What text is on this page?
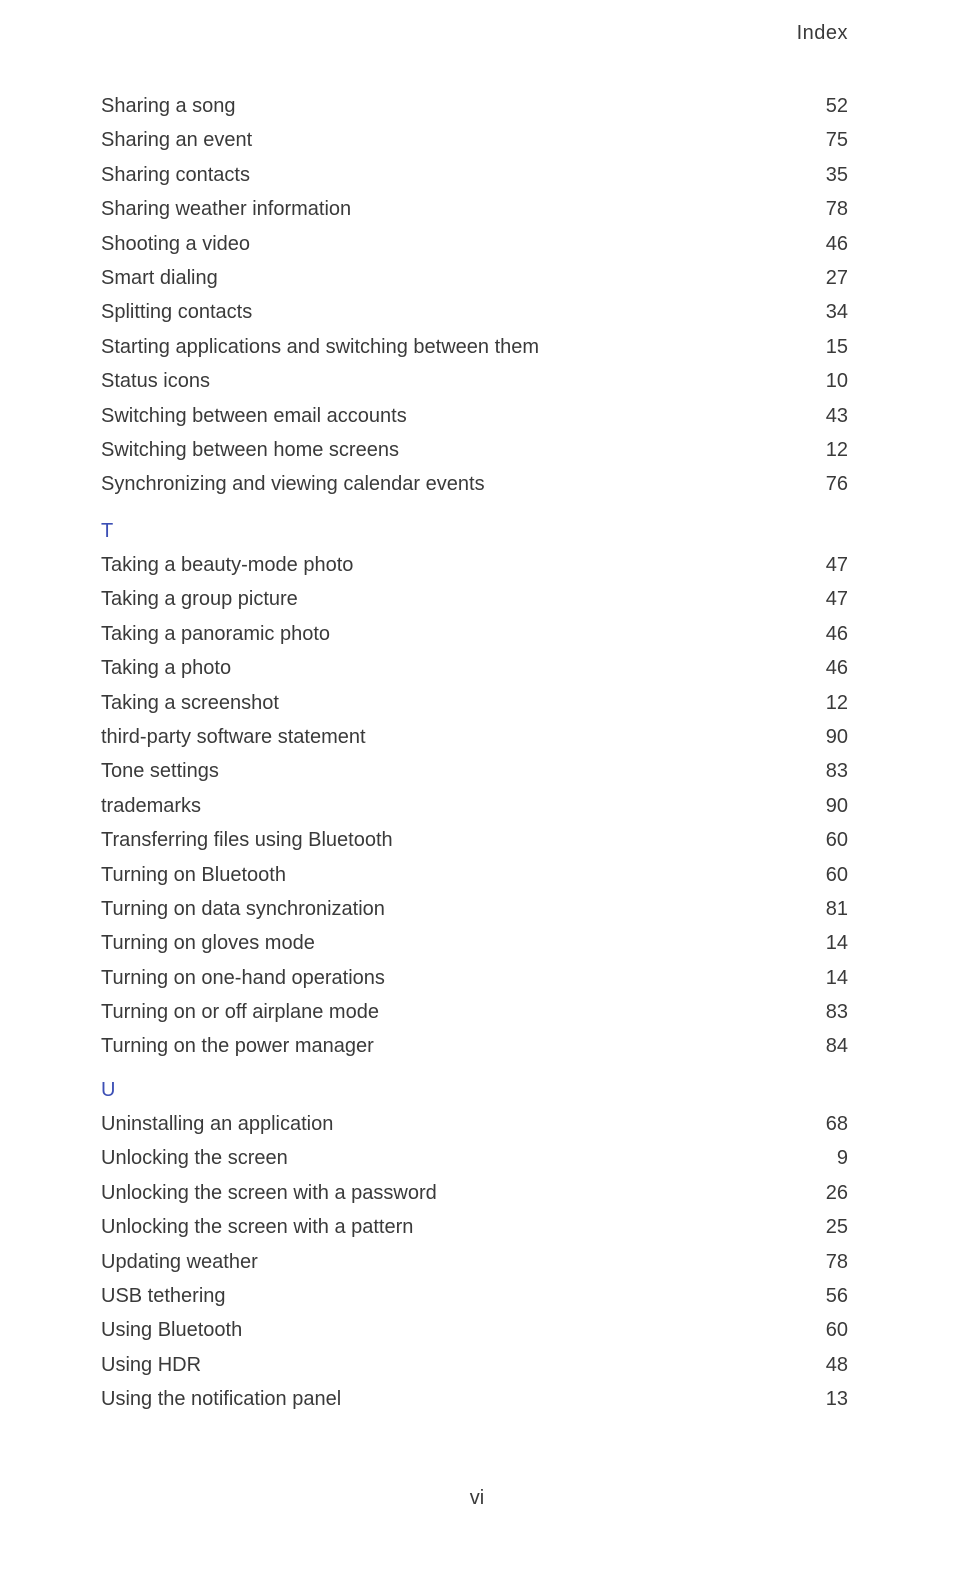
Index
Sharing a song	52
Sharing an event	75
Sharing contacts	35
Sharing weather information	78
Shooting a video	46
Smart dialing	27
Splitting contacts	34
Starting applications and switching between them	15
Status icons	10
Switching between email accounts	43
Switching between home screens	12
Synchronizing and viewing calendar events	76
T
Taking a beauty-mode photo	47
Taking a group picture	47
Taking a panoramic photo	46
Taking a photo	46
Taking a screenshot	12
third-party software statement	90
Tone settings	83
trademarks	90
Transferring files using Bluetooth	60
Turning on Bluetooth	60
Turning on data synchronization	81
Turning on gloves mode	14
Turning on one-hand operations	14
Turning on or off airplane mode	83
Turning on the power manager	84
U
Uninstalling an application	68
Unlocking the screen	9
Unlocking the screen with a password	26
Unlocking the screen with a pattern	25
Updating weather	78
USB tethering	56
Using Bluetooth	60
Using HDR	48
Using the notification panel	13
vi
